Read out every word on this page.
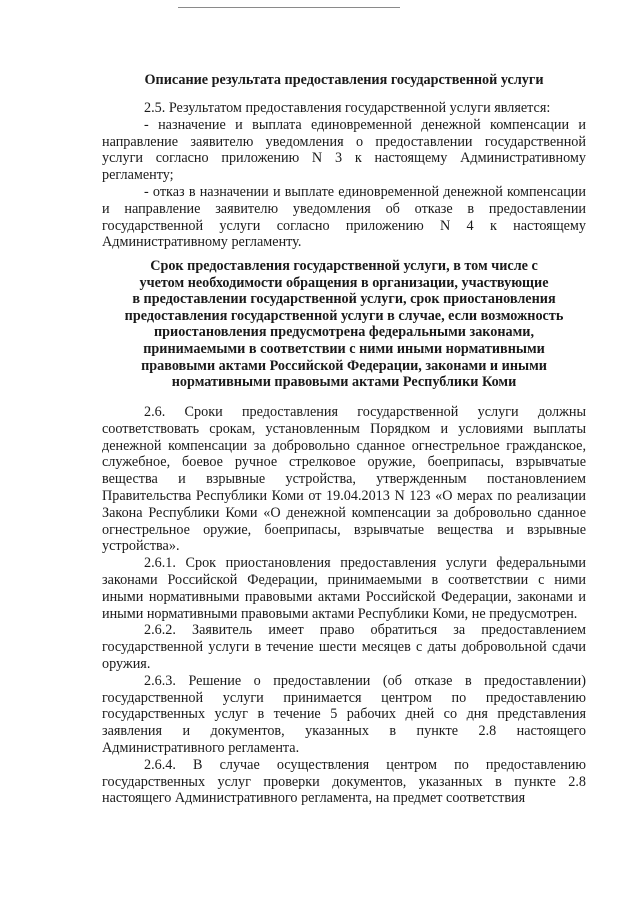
Описание результата предоставления государственной услуги

2.5. Результатом предоставления государственной услуги является:

- назначение и выплата единовременной денежной компенсации и направление заявителю уведомления о предоставлении государственной услуги согласно приложению N 3 к настоящему Административному регламенту;

- отказ в назначении и выплате единовременной денежной компенсации и направление заявителю уведомления об отказе в предоставлении государственной услуги согласно приложению N 4 к настоящему Административному регламенту.

Срок предоставления государственной услуги, в том числе с
учетом необходимости обращения в организации, участвующие
в предоставлении государственной услуги, срок приостановления
предоставления государственной услуги в случае, если возможность
приостановления предусмотрена федеральными законами,
принимаемыми в соответствии с ними иными нормативными
правовыми актами Российской Федерации, законами и иными
нормативными правовыми актами Республики Коми

2.6. Сроки предоставления государственной услуги должны соответствовать срокам, установленным Порядком и условиями выплаты денежной компенсации за добровольно сданное огнестрельное гражданское, служебное, боевое ручное стрелковое оружие, боеприпасы, взрывчатые вещества и взрывные устройства, утвержденным постановлением Правительства Республики Коми от 19.04.2013 N 123 «О мерах по реализации Закона Республики Коми «О денежной компенсации за добровольно сданное огнестрельное оружие, боеприпасы, взрывчатые вещества и взрывные устройства».

2.6.1. Срок приостановления предоставления услуги федеральными законами Российской Федерации, принимаемыми в соответствии с ними иными нормативными правовыми актами Российской Федерации, законами и иными нормативными правовыми актами Республики Коми, не предусмотрен.

2.6.2. Заявитель имеет право обратиться за предоставлением государственной услуги в течение шести месяцев с даты добровольной сдачи оружия.

2.6.3. Решение о предоставлении (об отказе в предоставлении) государственной услуги принимается центром по предоставлению государственных услуг в течение 5 рабочих дней со дня представления заявления и документов, указанных в пункте 2.8 настоящего Административного регламента.

2.6.4. В случае осуществления центром по предоставлению государственных услуг проверки документов, указанных в пункте 2.8 настоящего Административного регламента, на предмет соответствия
